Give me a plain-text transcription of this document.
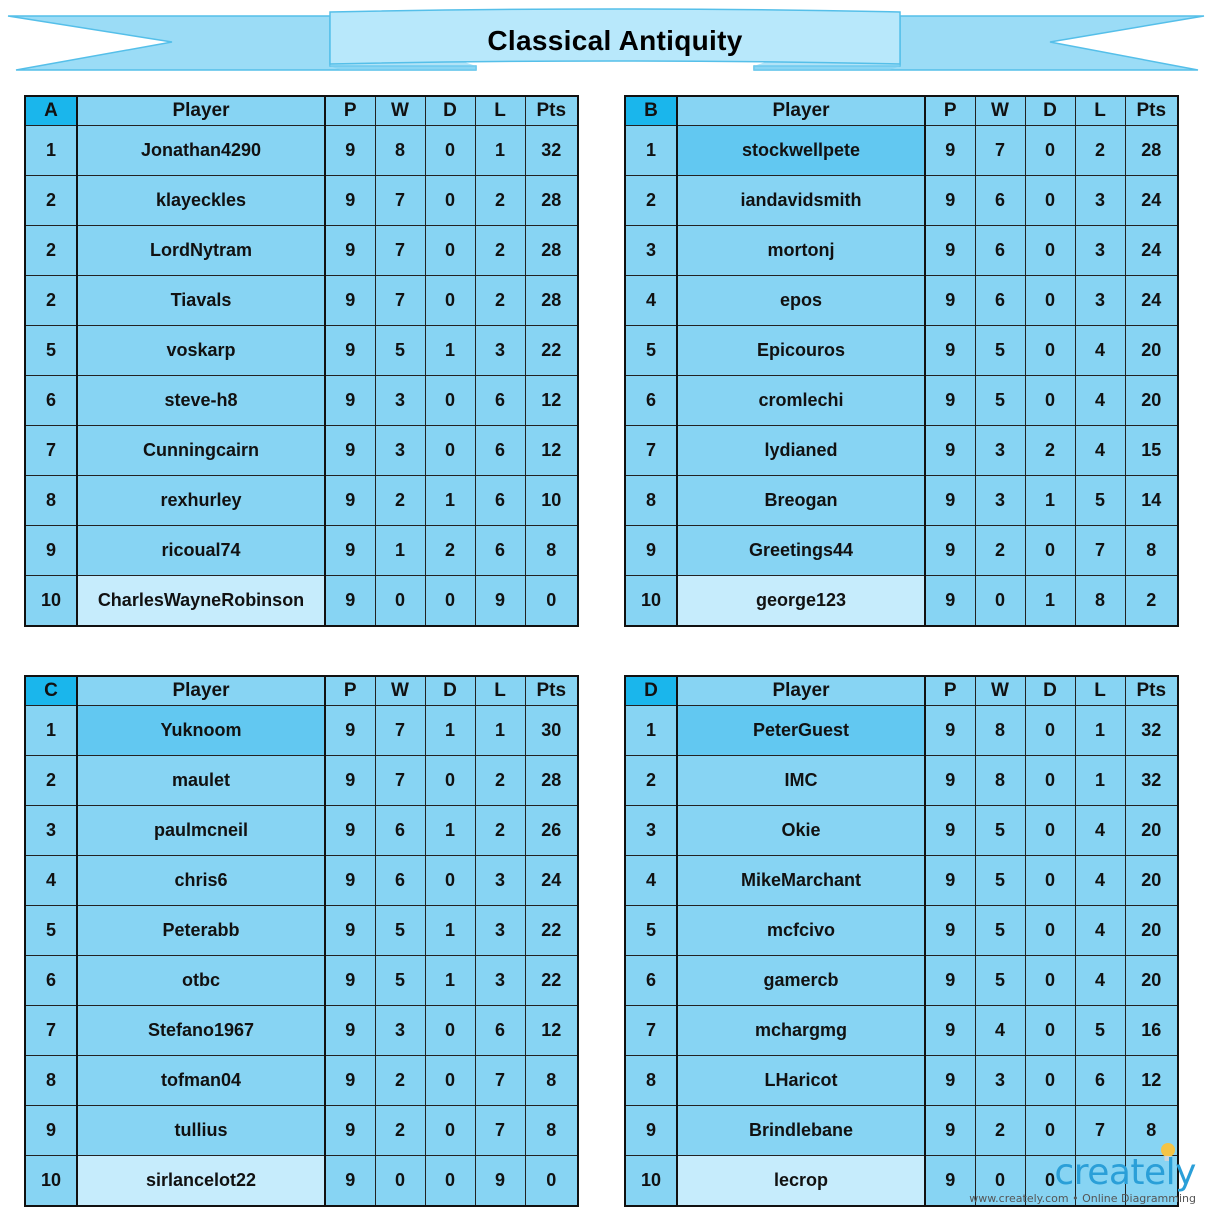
Classical Antiquity
A	Player	P	W	D	L	Pts
1	Jonathan4290	9	8	0	1	32
2	klayeckles	9	7	0	2	28
2	LordNytram	9	7	0	2	28
2	Tiavals	9	7	0	2	28
5	voskarp	9	5	1	3	22
6	steve-h8	9	3	0	6	12
7	Cunningcairn	9	3	0	6	12
8	rexhurley	9	2	1	6	10
9	ricoual74	9	1	2	6	8
10	CharlesWayneRobinson	9	0	0	9	0
B	Player	P	W	D	L	Pts
1	stockwellpete	9	7	0	2	28
2	iandavidsmith	9	6	0	3	24
3	mortonj	9	6	0	3	24
4	epos	9	6	0	3	24
5	Epicouros	9	5	0	4	20
6	cromlechi	9	5	0	4	20
7	lydianed	9	3	2	4	15
8	Breogan	9	3	1	5	14
9	Greetings44	9	2	0	7	8
10	george123	9	0	1	8	2
C	Player	P	W	D	L	Pts
1	Yuknoom	9	7	1	1	30
2	maulet	9	7	0	2	28
3	paulmcneil	9	6	1	2	26
4	chris6	9	6	0	3	24
5	Peterabb	9	5	1	3	22
6	otbc	9	5	1	3	22
7	Stefano1967	9	3	0	6	12
8	tofman04	9	2	0	7	8
9	tullius	9	2	0	7	8
10	sirlancelot22	9	0	0	9	0
D	Player	P	W	D	L	Pts
1	PeterGuest	9	8	0	1	32
2	IMC	9	8	0	1	32
3	Okie	9	5	0	4	20
4	MikeMarchant	9	5	0	4	20
5	mcfcivo	9	5	0	4	20
6	gamercb	9	5	0	4	20
7	mchargmg	9	4	0	5	16
8	LHaricot	9	3	0	6	12
9	Brindlebane	9	2	0	7	8
10	lecrop	9	0	0		creately
www.creately.com • Online Diagramming
